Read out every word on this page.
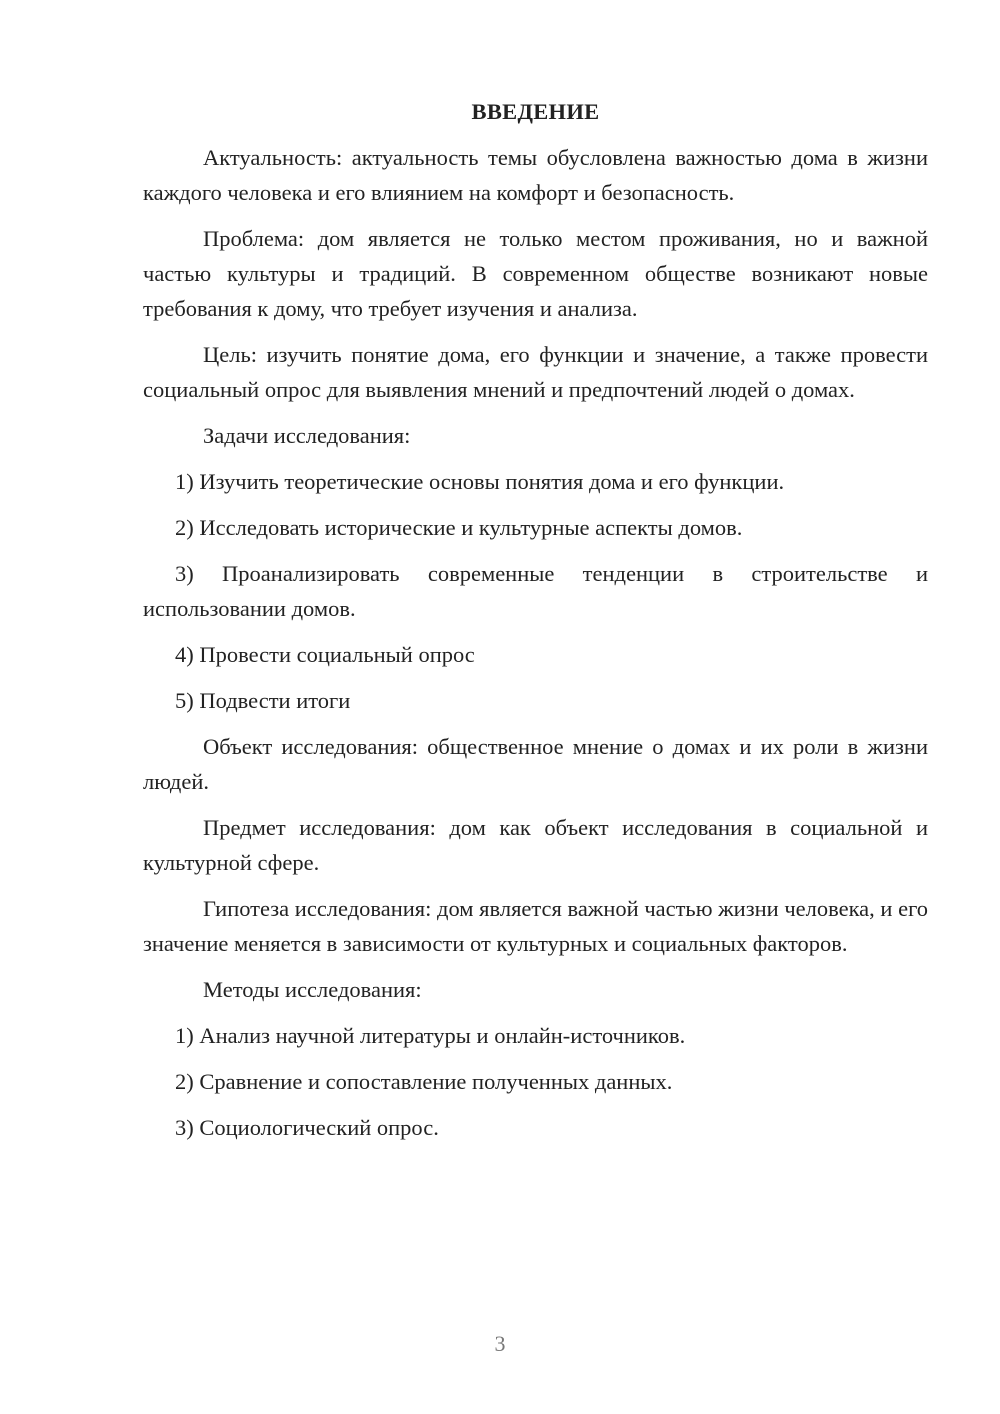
ВВЕДЕНИЕ

Актуальность: актуальность темы обусловлена важностью дома в жизни каждого человека и его влиянием на комфорт и безопасность.

Проблема: дом является не только местом проживания, но и важной частью культуры и традиций. В современном обществе возникают новые требования к дому, что требует изучения и анализа.

Цель: изучить понятие дома, его функции и значение, а также провести социальный опрос для выявления мнений и предпочтений людей о домах.

Задачи исследования:

1) Изучить теоретические основы понятия дома и его функции.

2) Исследовать исторические и культурные аспекты домов.

3) Проанализировать современные тенденции в строительстве и использовании домов.

4) Провести социальный опрос

5) Подвести итоги

Объект исследования: общественное мнение о домах и их роли в жизни людей.

Предмет исследования: дом как объект исследования в социальной и культурной сфере.

Гипотеза исследования: дом является важной частью жизни человека, и его значение меняется в зависимости от культурных и социальных факторов.

Методы исследования:

1) Анализ научной литературы и онлайн-источников.

2) Сравнение и сопоставление полученных данных.

3) Социологический опрос.

3
